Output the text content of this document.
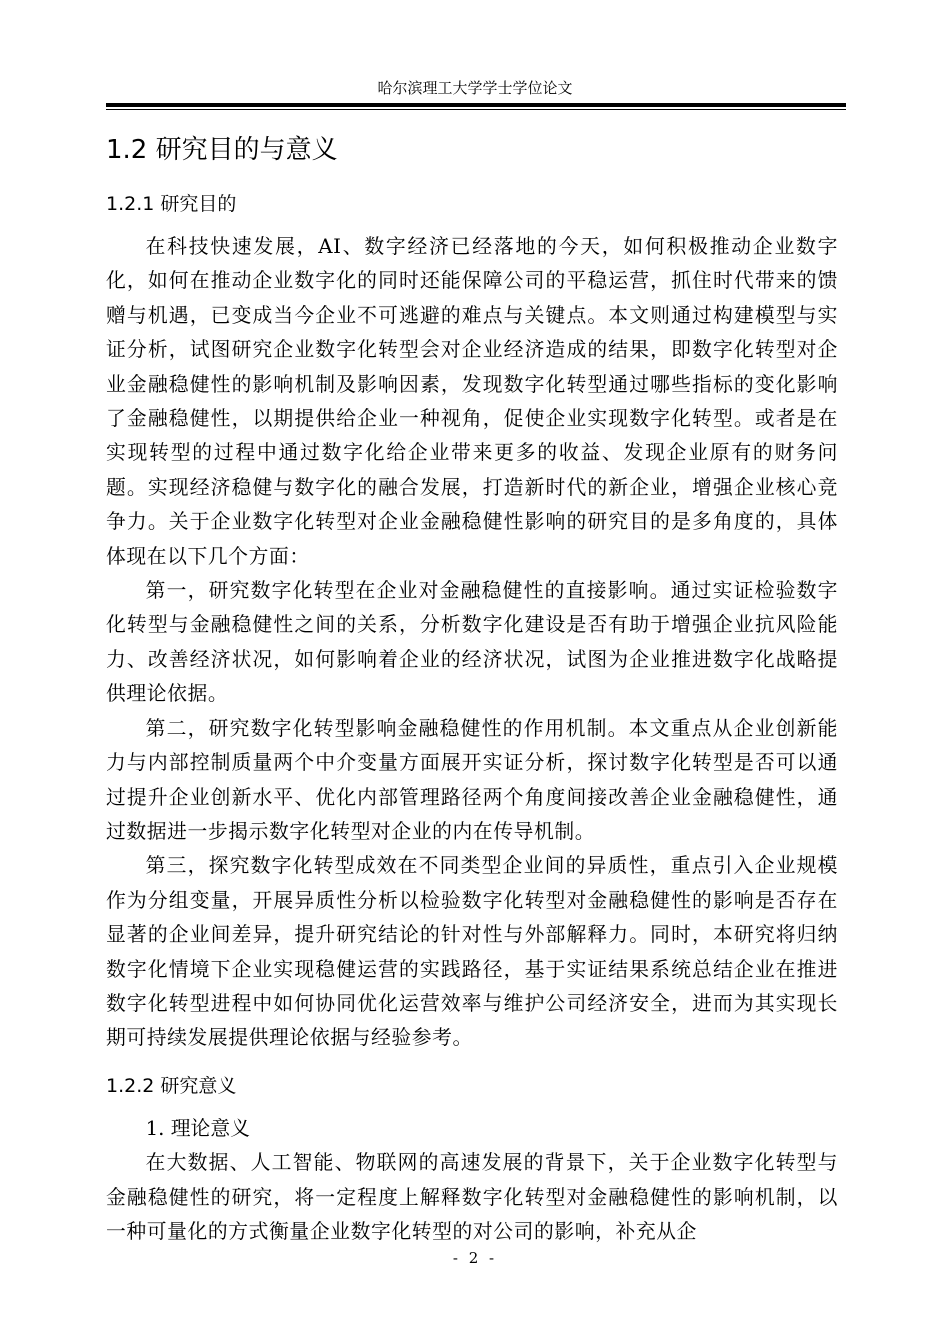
哈尔滨理工大学学士学位论文
1.2 研究目的与意义
1.2.1 研究目的

在科技快速发展，AI、数字经济已经落地的今天，如何积极推动企业数字化，如何在推动企业数字化的同时还能保障公司的平稳运营，抓住时代带来的馈赠与机遇，已变成当今企业不可逃避的难点与关键点。本文则通过构建模型与实证分析，试图研究企业数字化转型会对企业经济造成的结果，即数字化转型对企业金融稳健性的影响机制及影响因素，发现数字化转型通过哪些指标的变化影响了金融稳健性，以期提供给企业一种视角，促使企业实现数字化转型。或者是在实现转型的过程中通过数字化给企业带来更多的收益、发现企业原有的财务问题。实现经济稳健与数字化的融合发展，打造新时代的新企业，增强企业核心竞争力。关于企业数字化转型对企业金融稳健性影响的研究目的是多角度的，具体体现在以下几个方面：

第一，研究数字化转型在企业对金融稳健性的直接影响。通过实证检验数字化转型与金融稳健性之间的关系，分析数字化建设是否有助于增强企业抗风险能力、改善经济状况，如何影响着企业的经济状况，试图为企业推进数字化战略提供理论依据。

第二，研究数字化转型影响金融稳健性的作用机制。本文重点从企业创新能力与内部控制质量两个中介变量方面展开实证分析，探讨数字化转型是否可以通过提升企业创新水平、优化内部管理路径两个角度间接改善企业金融稳健性，通过数据进一步揭示数字化转型对企业的内在传导机制。

第三，探究数字化转型成效在不同类型企业间的异质性，重点引入企业规模作为分组变量，开展异质性分析以检验数字化转型对金融稳健性的影响是否存在显著的企业间差异，提升研究结论的针对性与外部解释力。同时，本研究将归纳数字化情境下企业实现稳健运营的实践路径，基于实证结果系统总结企业在推进数字化转型进程中如何协同优化运营效率与维护公司经济安全，进而为其实现长期可持续发展提供理论依据与经验参考。

1.2.2 研究意义

1. 理论意义

在大数据、人工智能、物联网的高速发展的背景下，关于企业数字化转型与金融稳健性的研究，将一定程度上解释数字化转型对金融稳健性的影响机制，以一种可量化的方式衡量企业数字化转型的对公司的影响，补充从企

- 2 -
